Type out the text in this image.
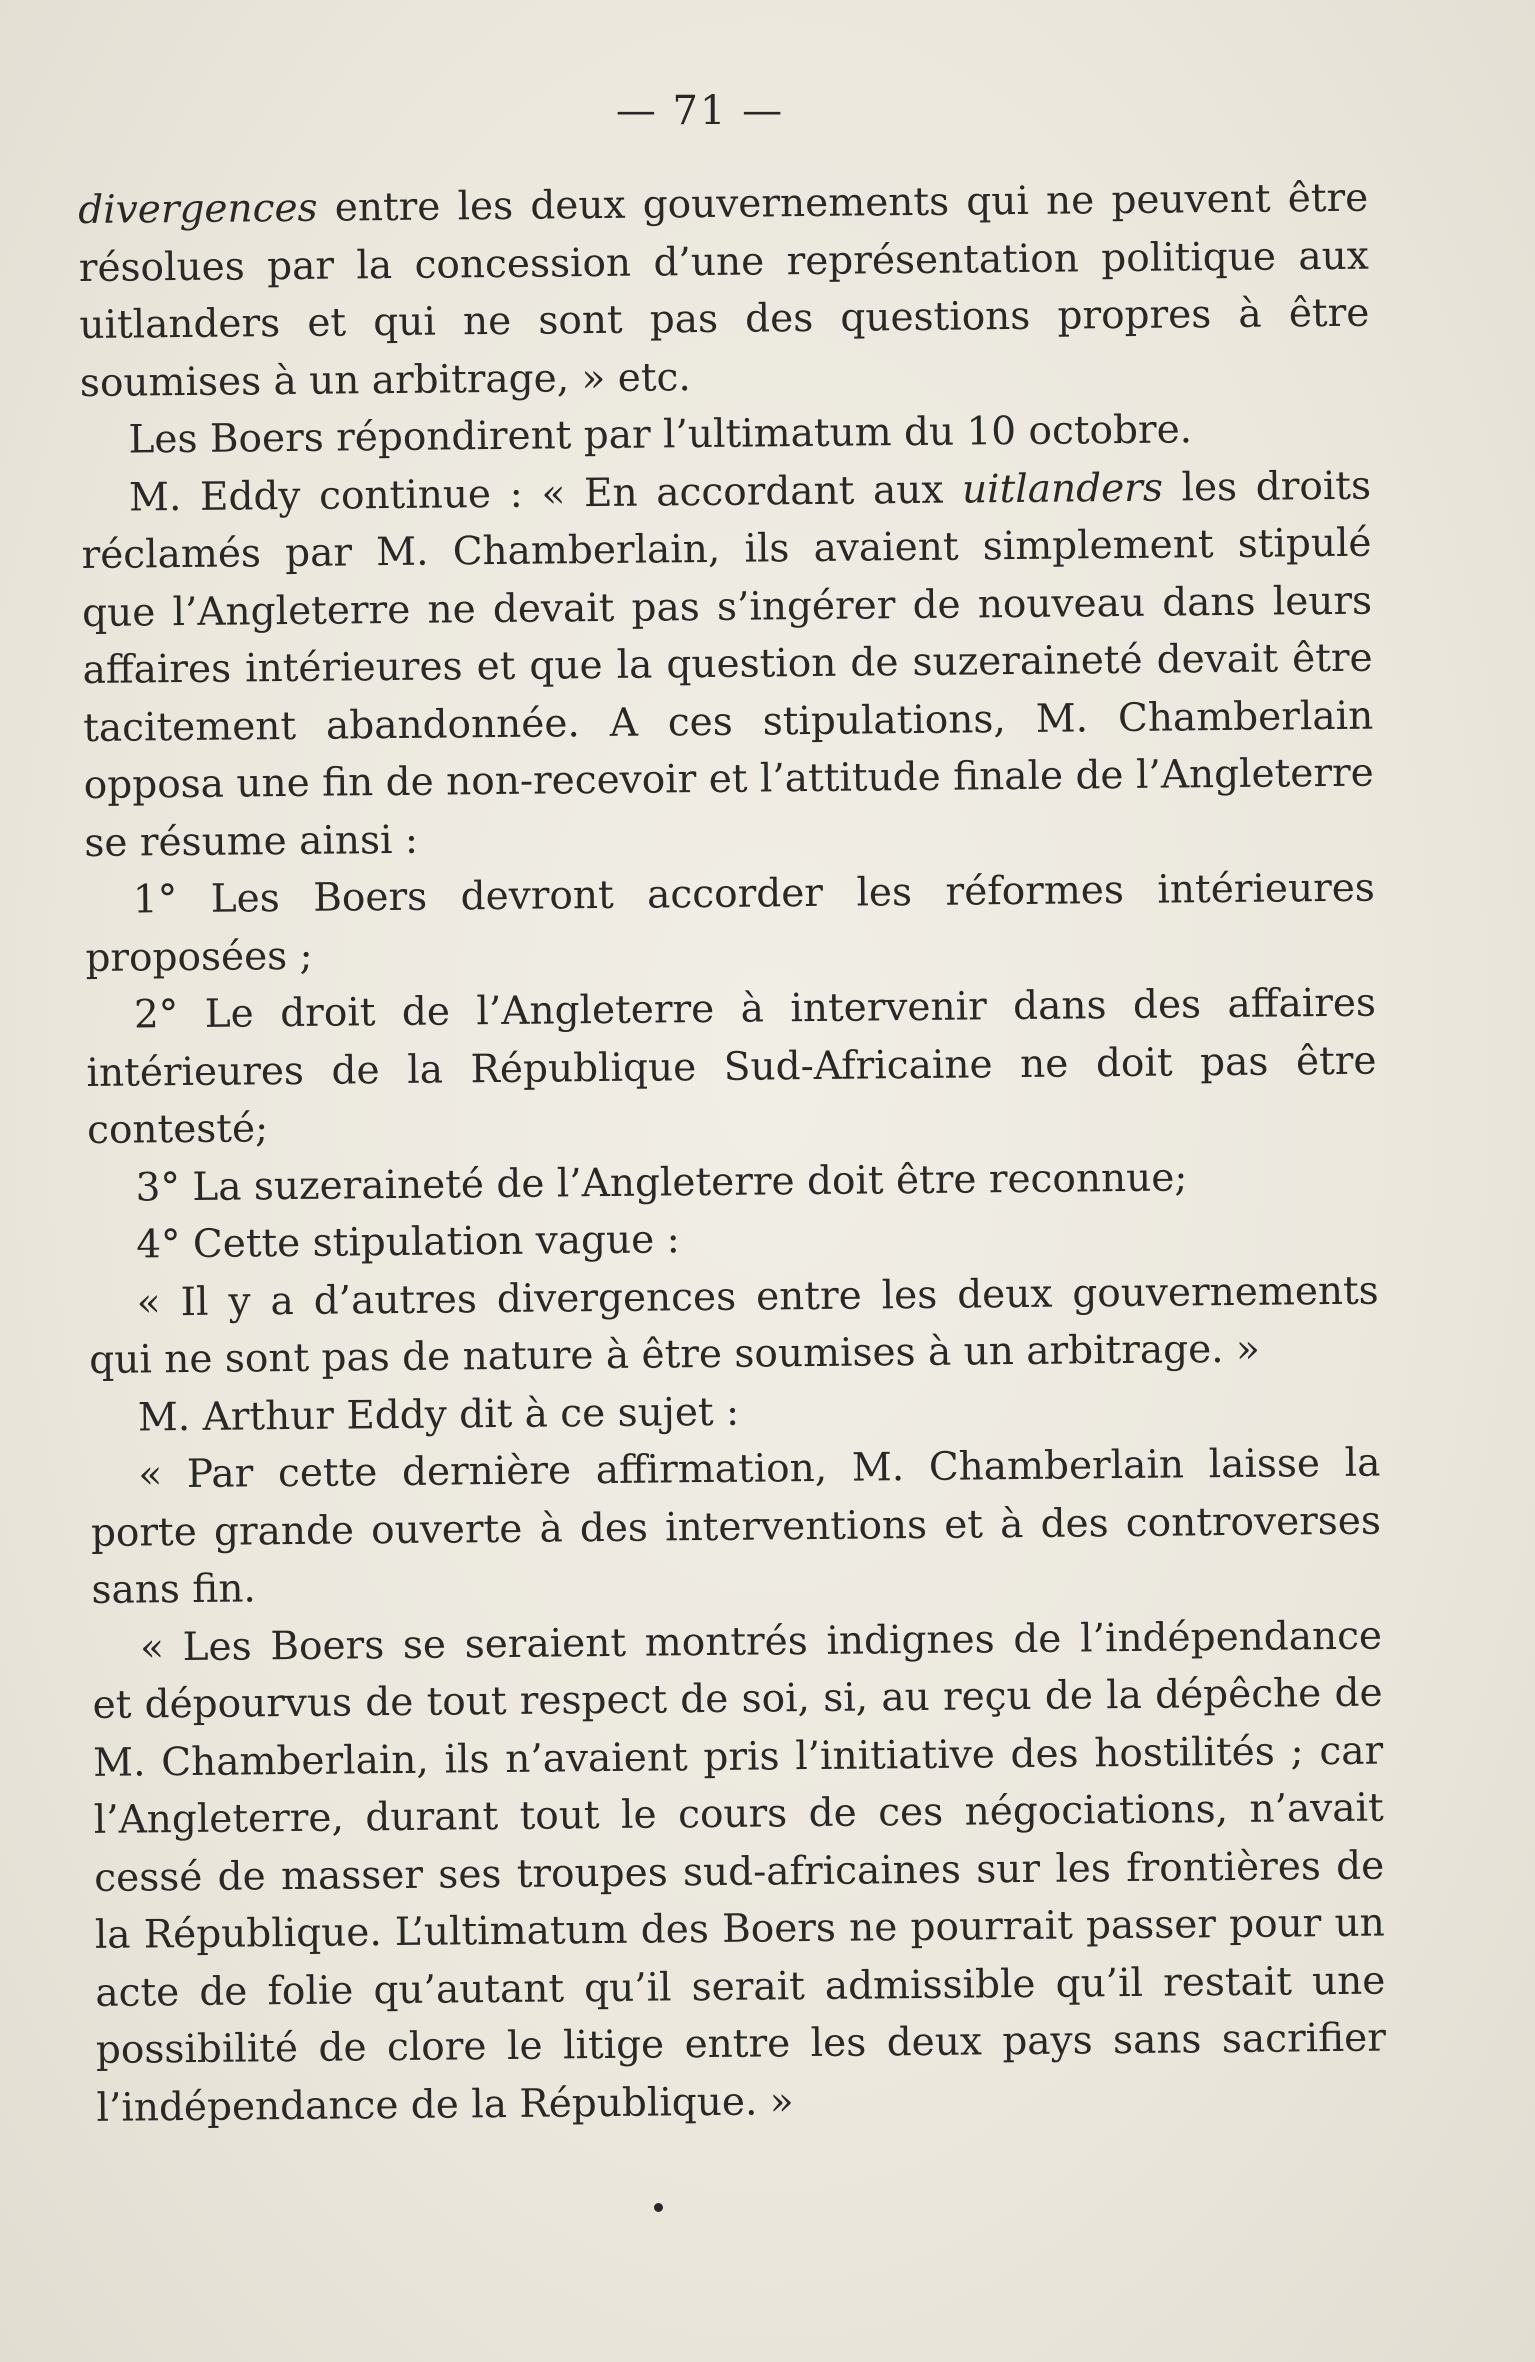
— 71 —

divergences entre les deux gouvernements qui ne peuvent être résolues par la concession d’une représentation politique aux uitlanders et qui ne sont pas des questions propres à être soumises à un arbitrage, » etc.

Les Boers répondirent par l’ultimatum du 10 octobre.

M. Eddy continue : « En accordant aux uitlanders les droits réclamés par M. Chamberlain, ils avaient simplement stipulé que l’Angleterre ne devait pas s’ingérer de nouveau dans leurs affaires intérieures et que la question de suzeraineté devait être tacitement abandonnée. A ces stipulations, M. Chamberlain opposa une fin de non-recevoir et l’attitude finale de l’Angleterre se résume ainsi :

1° Les Boers devront accorder les réformes intérieures proposées ;

2° Le droit de l’Angleterre à intervenir dans des affaires intérieures de la République Sud-Africaine ne doit pas être contesté;

3° La suzeraineté de l’Angleterre doit être reconnue;

4° Cette stipulation vague :

« Il y a d’autres divergences entre les deux gouvernements qui ne sont pas de nature à être soumises à un arbitrage. »

M. Arthur Eddy dit à ce sujet :

« Par cette dernière affirmation, M. Chamberlain laisse la porte grande ouverte à des interventions et à des controverses sans fin.

« Les Boers se seraient montrés indignes de l’indépendance et dépourvus de tout respect de soi, si, au reçu de la dépêche de M. Chamberlain, ils n’avaient pris l’initiative des hostilités ; car l’Angleterre, durant tout le cours de ces négociations, n’avait cessé de masser ses troupes sud-africaines sur les frontières de la République. L’ultimatum des Boers ne pourrait passer pour un acte de folie qu’autant qu’il serait admissible qu’il restait une possibilité de clore le litige entre les deux pays sans sacrifier l’indépendance de la République. »
